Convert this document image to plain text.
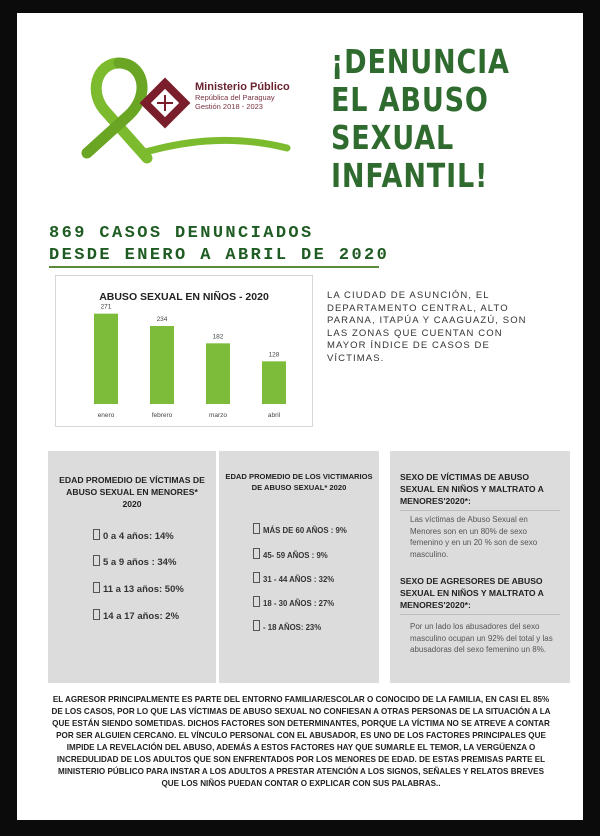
Ministerio Público
República del Paraguay
Gestión 2018 - 2023
¡DENUNCIA
EL ABUSO
SEXUAL
INFANTIL!
869 CASOS DENUNCIADOS
DESDE ENERO A ABRIL DE 2020
ABUSO SEXUAL EN NIÑOS - 2020
271
enero
234
febrero
182
marzo
128
abril
LA CIUDAD DE ASUNCIÓN, EL DEPARTAMENTO CENTRAL, ALTO PARANA, ITAPÚA Y CAAGUAZÚ, SON LAS ZONAS QUE CUENTAN CON MAYOR ÍNDICE DE CASOS DE VÍCTIMAS.
EDAD PROMEDIO DE VÍCTIMAS DE ABUSO SEXUAL EN MENORES* 2020
0 a 4 años: 14%
5 a 9 años : 34%
11 a 13 años: 50%
14 a 17 años: 2%
EDAD PROMEDIO DE LOS VICTIMARIOS DE ABUSO SEXUAL* 2020
MÁS DE 60 AÑOS : 9%
45- 59 AÑOS : 9%
31 - 44 AÑOS : 32%
18 - 30 AÑOS : 27%
- 18 AÑOS: 23%
SEXO DE VÍCTIMAS DE ABUSO SEXUAL EN NIÑOS Y MALTRATO A MENORES'2020*:
Las víctimas de Abuso Sexual en Menores son en un 80% de sexo femenino y en un 20 % son de sexo masculino.
SEXO DE AGRESORES DE ABUSO SEXUAL EN NIÑOS Y MALTRATO A MENORES'2020*:
Por un lado los abusadores del sexo masculino ocupan un 92% del total y las abusadoras del sexo femenino un 8%.
EL AGRESOR PRINCIPALMENTE ES PARTE DEL ENTORNO FAMILIAR/ESCOLAR O CONOCIDO DE LA FAMILIA, EN CASI EL 85% DE LOS CASOS, POR LO QUE LAS VÍCTIMAS DE ABUSO SEXUAL NO CONFIESAN A OTRAS PERSONAS DE LA SITUACIÓN A LA QUE ESTÁN SIENDO SOMETIDAS. DICHOS FACTORES SON DETERMINANTES, PORQUE LA VÍCTIMA NO SE ATREVE A CONTAR POR SER ALGUIEN CERCANO. EL VÍNCULO PERSONAL CON EL ABUSADOR, ES UNO DE LOS FACTORES PRINCIPALES QUE IMPIDE LA REVELACIÓN DEL ABUSO, ADEMÁS A ESTOS FACTORES HAY QUE SUMARLE EL TEMOR, LA VERGÜENZA O INCREDULIDAD DE LOS ADULTOS QUE SON ENFRENTADOS POR LOS MENORES DE EDAD. DE ESTAS PREMISAS PARTE EL MINISTERIO PÚBLICO PARA INSTAR A LOS ADULTOS A PRESTAR ATENCIÓN A LOS SIGNOS, SEÑALES Y RELATOS BREVES QUE LOS NIÑOS PUEDAN CONTAR O EXPLICAR CON SUS PALABRAS..
